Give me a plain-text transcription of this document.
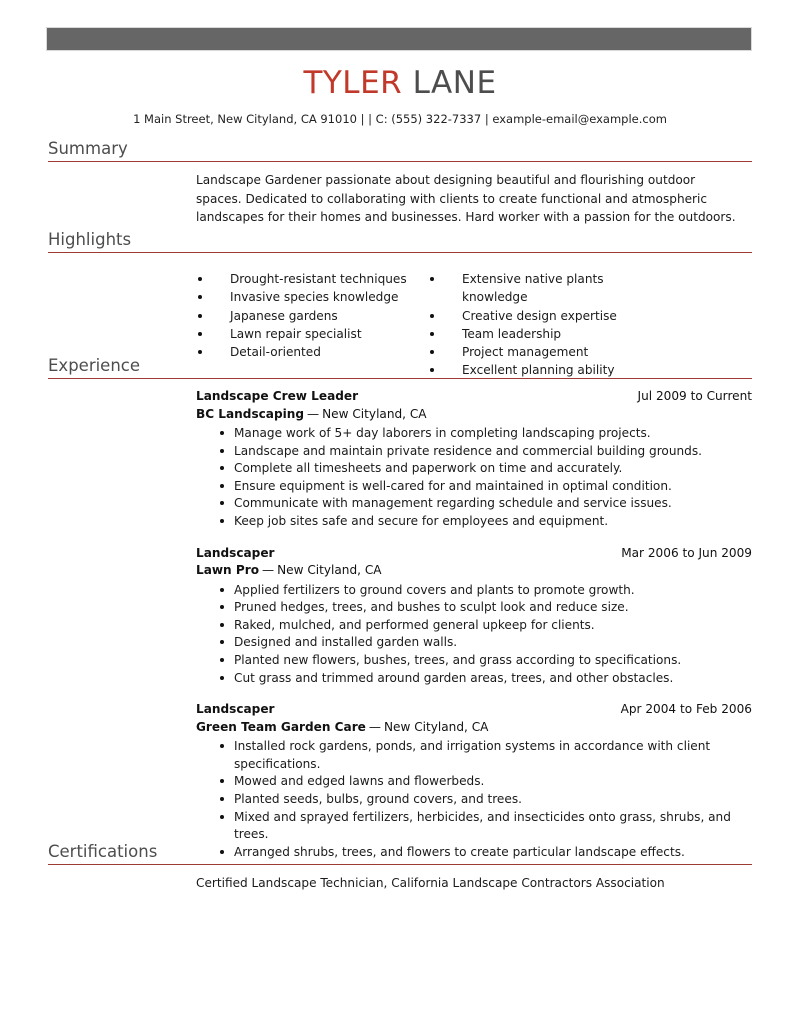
TYLER LANE
1 Main Street, New Cityland, CA 91010 | | C: (555) 322-7337 | example-email@example.com
Summary
Landscape Gardener passionate about designing beautiful and flourishing outdoor spaces. Dedicated to collaborating with clients to create functional and atmospheric landscapes for their homes and businesses. Hard worker with a passion for the outdoors.
Highlights
Drought-resistant techniques
Invasive species knowledge
Japanese gardens
Lawn repair specialist
Detail-oriented
Extensive native plants knowledge
Creative design expertise
Team leadership
Project management
Excellent planning ability
Experience
Landscape Crew Leader	Jul 2009 to Current
BC Landscaping — New Cityland, CA
Manage work of 5+ day laborers in completing landscaping projects.
Landscape and maintain private residence and commercial building grounds.
Complete all timesheets and paperwork on time and accurately.
Ensure equipment is well-cared for and maintained in optimal condition.
Communicate with management regarding schedule and service issues.
Keep job sites safe and secure for employees and equipment.
Landscaper	Mar 2006 to Jun 2009
Lawn Pro — New Cityland, CA
Applied fertilizers to ground covers and plants to promote growth.
Pruned hedges, trees, and bushes to sculpt look and reduce size.
Raked, mulched, and performed general upkeep for clients.
Designed and installed garden walls.
Planted new flowers, bushes, trees, and grass according to specifications.
Cut grass and trimmed around garden areas, trees, and other obstacles.
Landscaper	Apr 2004 to Feb 2006
Green Team Garden Care — New Cityland, CA
Installed rock gardens, ponds, and irrigation systems in accordance with client specifications.
Mowed and edged lawns and flowerbeds.
Planted seeds, bulbs, ground covers, and trees.
Mixed and sprayed fertilizers, herbicides, and insecticides onto grass, shrubs, and trees.
Arranged shrubs, trees, and flowers to create particular landscape effects.
Certifications
Certified Landscape Technician, California Landscape Contractors Association
